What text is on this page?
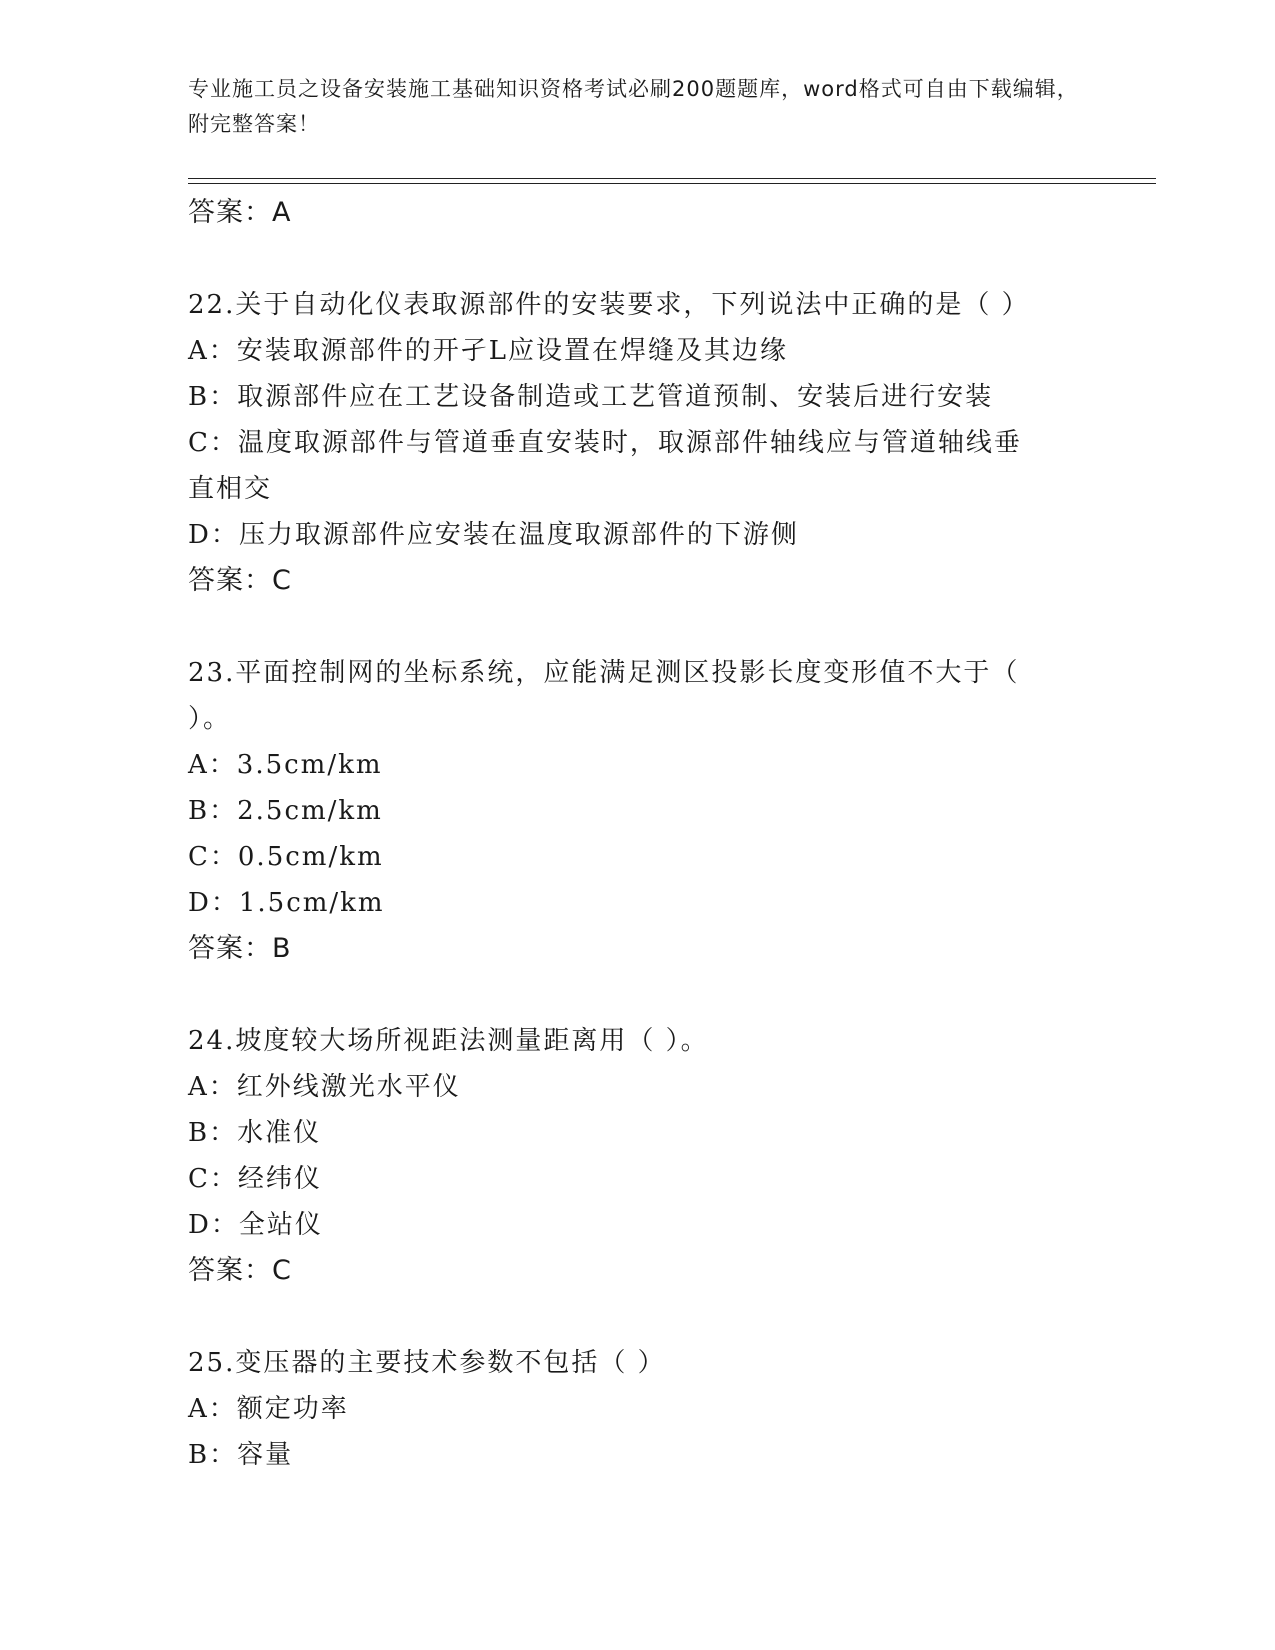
专业施工员之设备安装施工基础知识资格考试必刷200题题库，word格式可自由下载编辑，附完整答案！
答案：A
22.关于自动化仪表取源部件的安装要求，下列说法中正确的是（ ）
A：安装取源部件的开孑L应设置在焊缝及其边缘
B：取源部件应在工艺设备制造或工艺管道预制、安装后进行安装
C：温度取源部件与管道垂直安装时，取源部件轴线应与管道轴线垂直相交
D：压力取源部件应安装在温度取源部件的下游侧
答案：C
23.平面控制网的坐标系统，应能满足测区投影长度变形值不大于（ ）。
A：3.5cm/km
B：2.5cm/km
C：0.5cm/km
D：1.5cm/km
答案：B
24.坡度较大场所视距法测量距离用（ ）。
A：红外线激光水平仪
B：水准仪
C：经纬仪
D：全站仪
答案：C
25.变压器的主要技术参数不包括（ ）
A：额定功率
B：容量
